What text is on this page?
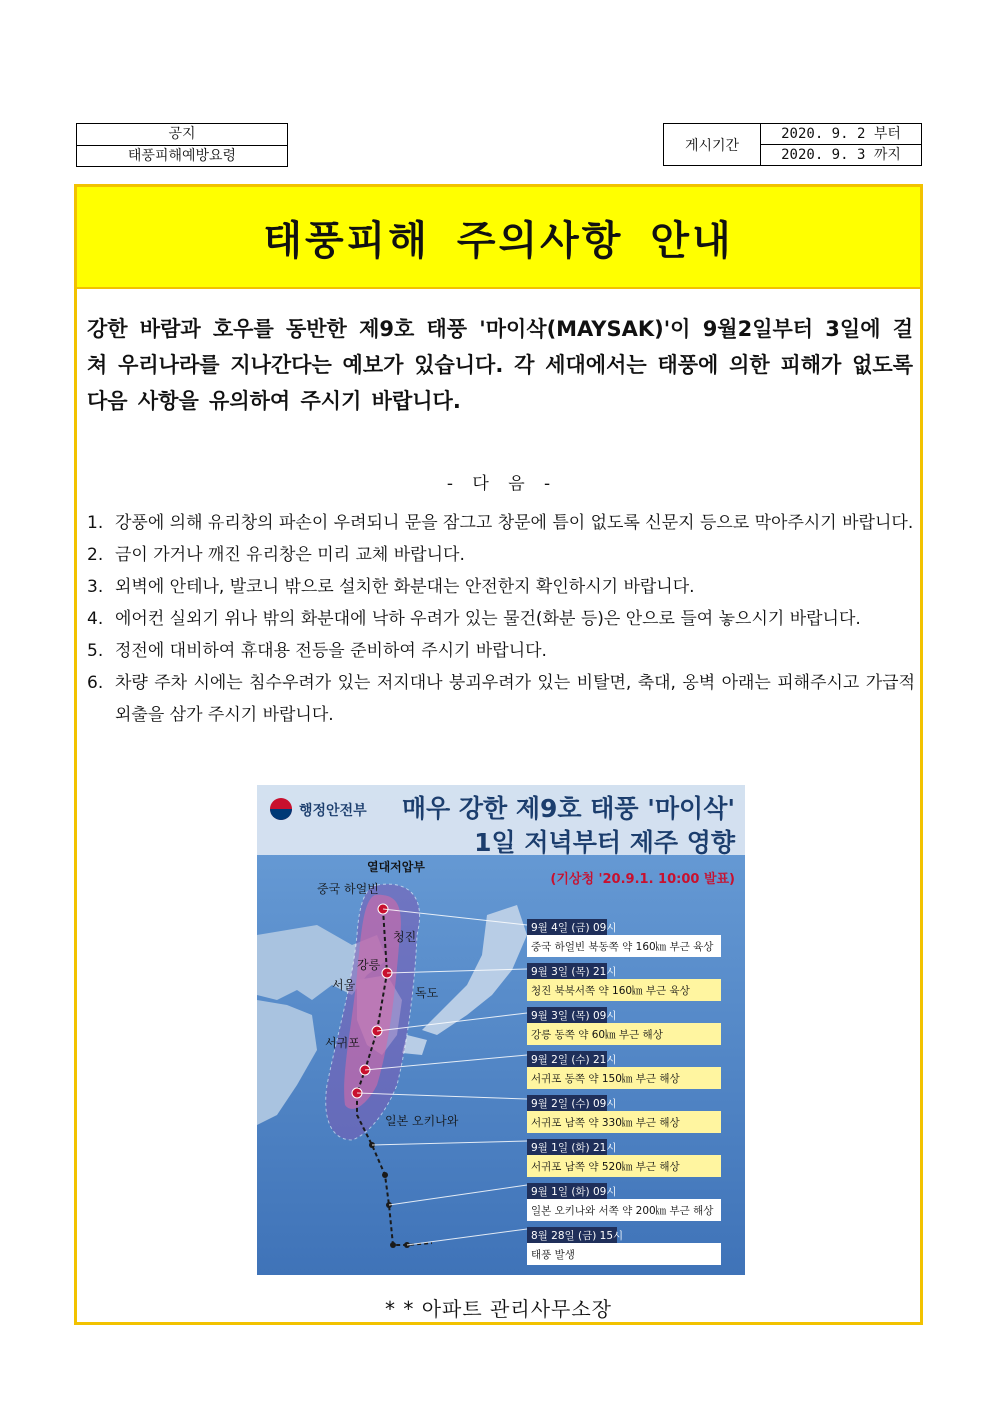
공지
태풍피해예방요령
게시기간
2020. 9. 2 부터
2020. 9. 3 까지
태풍피해 주의사항 안내

강한 바람과 호우를 동반한 제9호 태풍 '마이삭(MAYSAK)'이 9월2일부터 3일에 걸쳐 우리나라를 지나간다는 예보가 있습니다. 각 세대에서는 태풍에 의한 피해가 없도록 다음 사항을 유의하여 주시기 바랍니다.

- 다 음 -
1. 강풍에 의해 유리창의 파손이 우려되니 문을 잠그고 창문에 틈이 없도록 신문지 등으로 막아주시기 바랍니다.
2. 금이 가거나 깨진 유리창은 미리 교체 바랍니다.
3. 외벽에 안테나, 발코니 밖으로 설치한 화분대는 안전한지 확인하시기 바랍니다.
4. 에어컨 실외기 위나 밖의 화분대에 낙하 우려가 있는 물건(화분 등)은 안으로 들여 놓으시기 바랍니다.
5. 정전에 대비하여 휴대용 전등을 준비하여 주시기 바랍니다.
6. 차량 주차 시에는 침수우려가 있는 저지대나 붕괴우려가 있는 비탈면, 축대, 옹벽 아래는 피해주시고 가급적 외출을 삼가 주시기 바랍니다.
행정안전부 매우 강한 제9호 태풍 '마이삭'
1일 저녁부터 제주 영향
(기상청 '20.9.1. 10:00 발표)
열대저압부
중국 하얼빈
청진
강릉
서울
독도
서귀포
일본 오키나와
9월 4일 (금) 09시
중국 하얼빈 북동쪽 약 160㎞ 부근 육상
9월 3일 (목) 21시
청진 북북서쪽 약 160㎞ 부근 육상
9월 3일 (목) 09시
강릉 동쪽 약 60㎞ 부근 해상
9월 2일 (수) 21시
서귀포 동쪽 약 150㎞ 부근 해상
9월 2일 (수) 09시
서귀포 남쪽 약 330㎞ 부근 해상
9월 1일 (화) 21시
서귀포 남쪽 약 520㎞ 부근 해상
9월 1일 (화) 09시
일본 오키나와 서쪽 약 200㎞ 부근 해상
8월 28일 (금) 15시
태풍 발생
* * 아파트 관리사무소장
